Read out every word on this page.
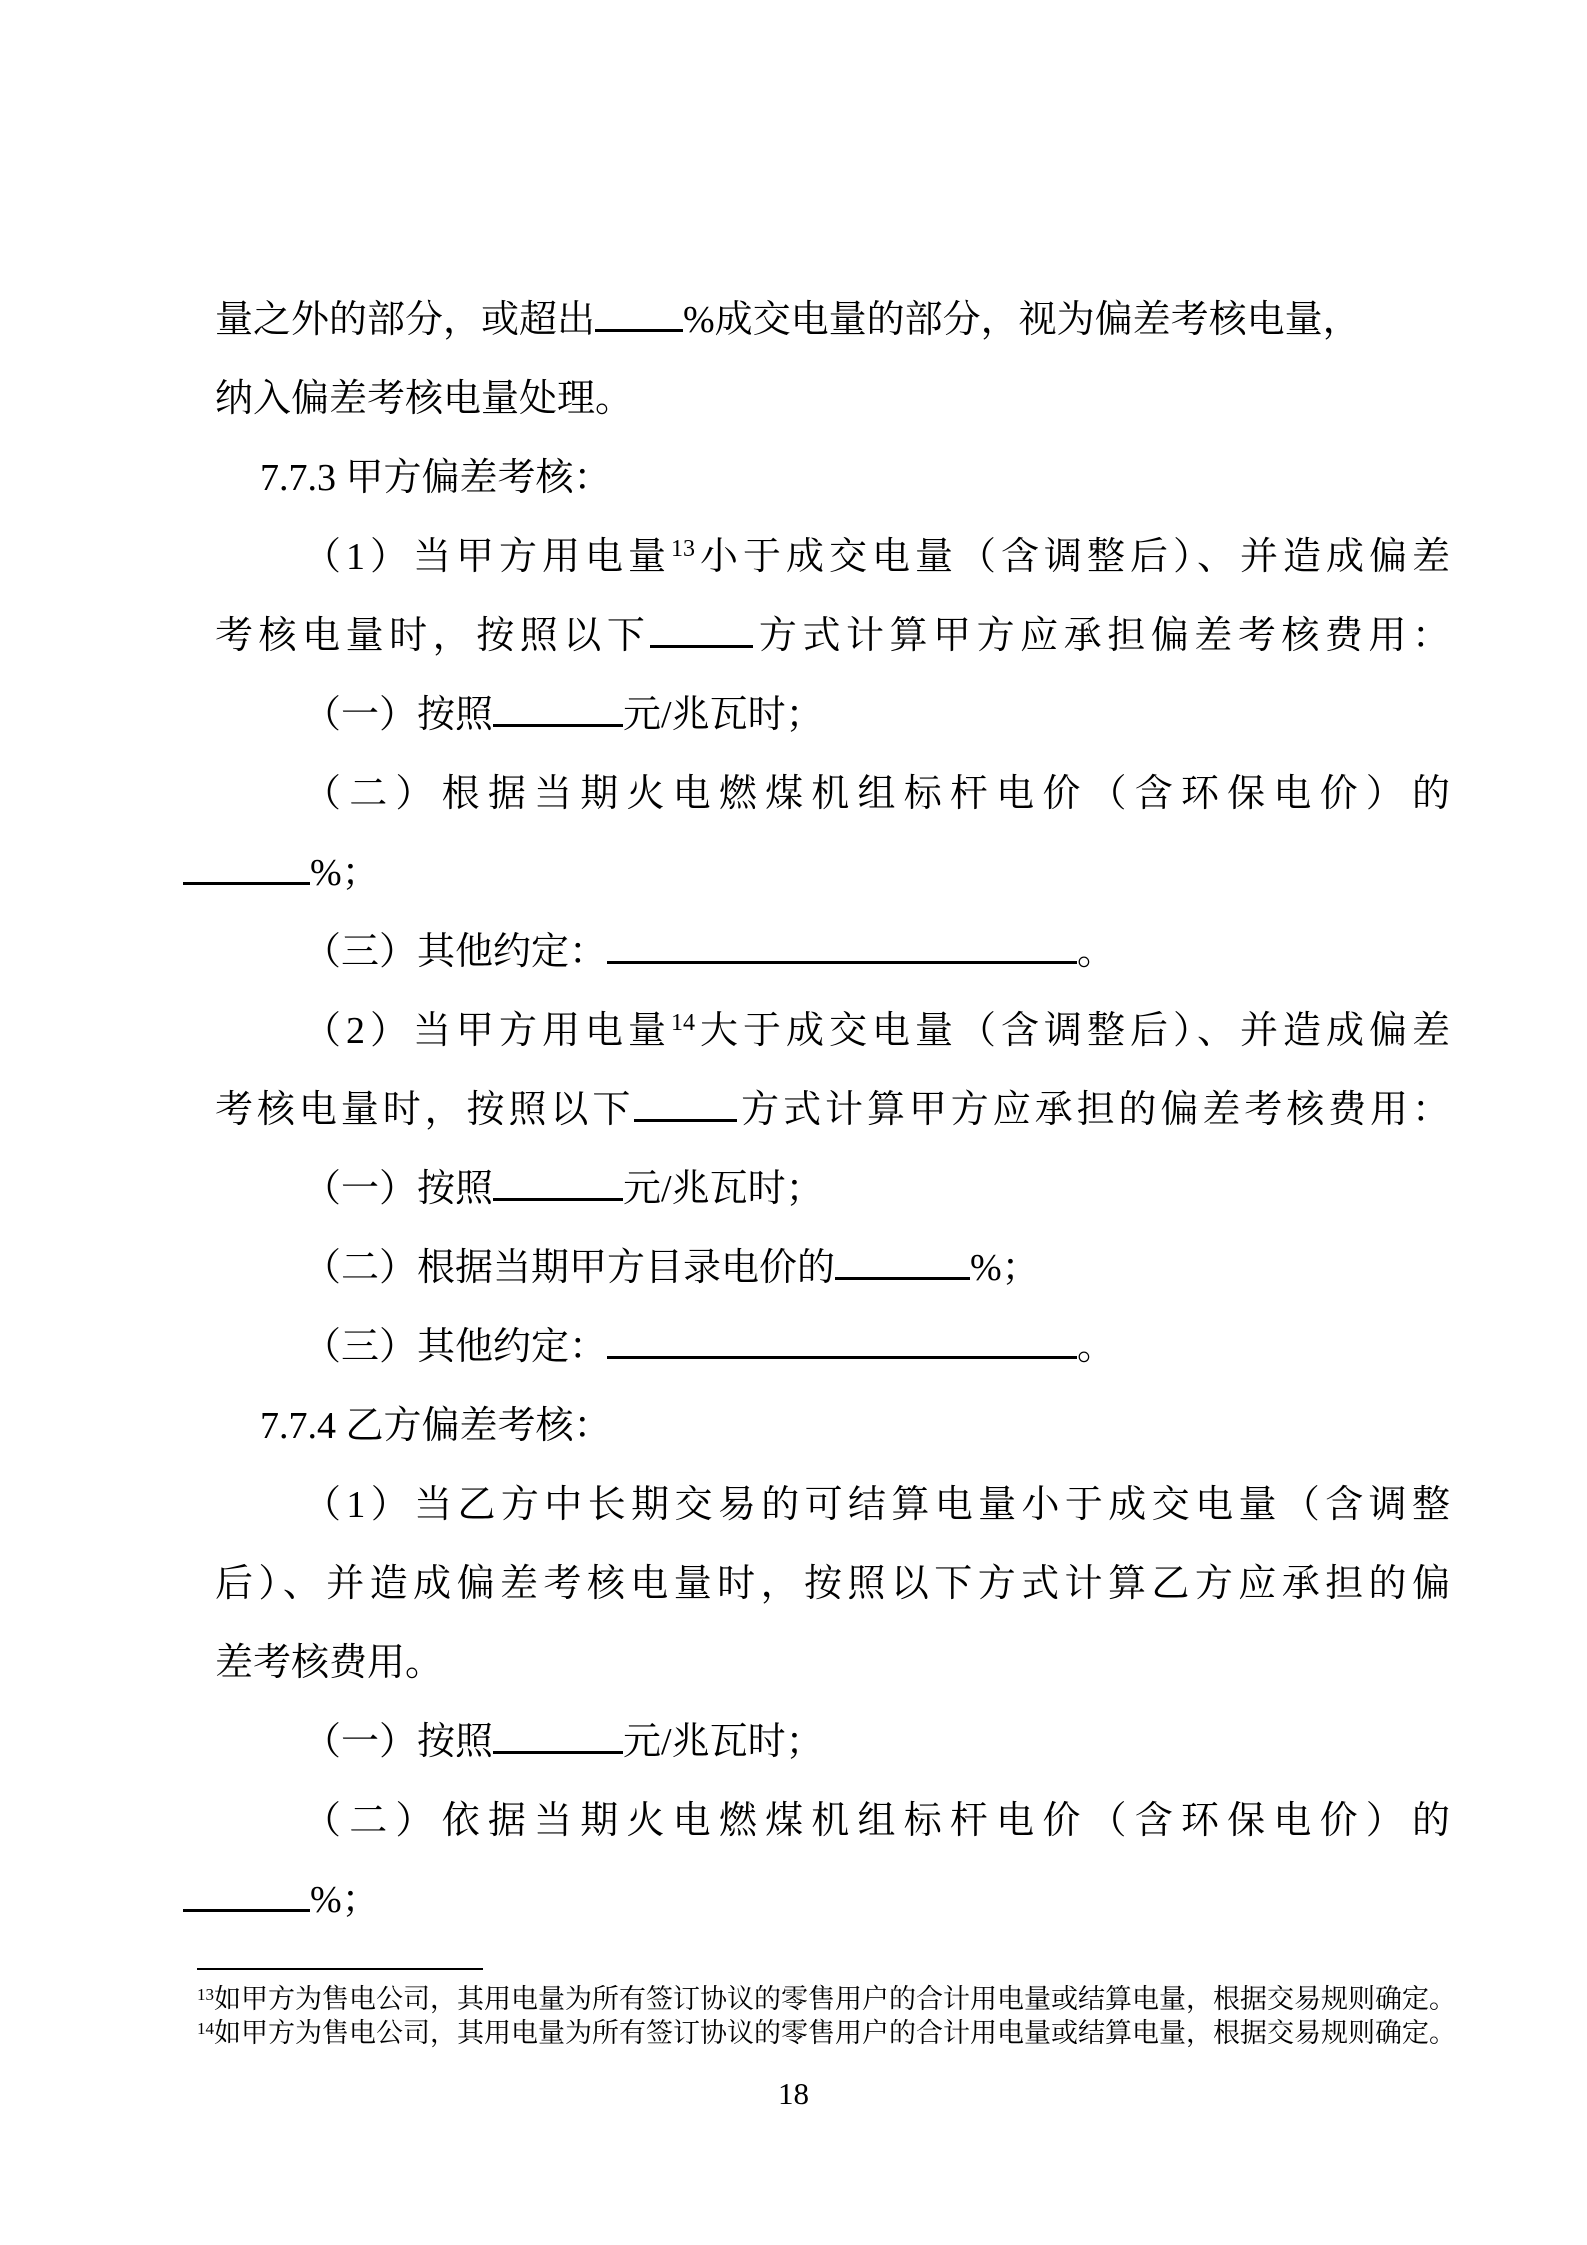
量之外的部分，或超出 %成交电量的部分，视为偏差考核电量，
纳入偏差考核电量处理。
7.7.3 甲方偏差考核：
（1）当甲方用电量$^{13}$小于成交电量（含调整后）、并造成偏差
考核电量时，按照以下	方式计算甲方应承担偏差考核费用：
（一）按照	元/兆瓦时；
（二）根据当期火电燃煤机组标杆电价（含环保电价）的
%；
（三）其他约定：	。
（2）当甲方用电量$^{14}$大于成交电量（含调整后）、并造成偏差
考核电量时，按照以下	方式计算甲方应承担的偏差考核费用：
（一）按照	元/兆瓦时；
（二）根据当期甲方目录电价的	%；
（三）其他约定：	。
7.7.4 乙方偏差考核：
（1）当乙方中长期交易的可结算电量小于成交电量（含调整
后）、并造成偏差考核电量时，按照以下方式计算乙方应承担的偏
差考核费用。
（一）按照	元/兆瓦时；
（二）依据当期火电燃煤机组标杆电价（含环保电价）的
%；
$^{13}$如甲方为售电公司，其用电量为所有签订协议的零售用户的合计用电量或结算电量，根据交易规则确定。
$^{14}$如甲方为售电公司，其用电量为所有签订协议的零售用户的合计用电量或结算电量，根据交易规则确定。
18
